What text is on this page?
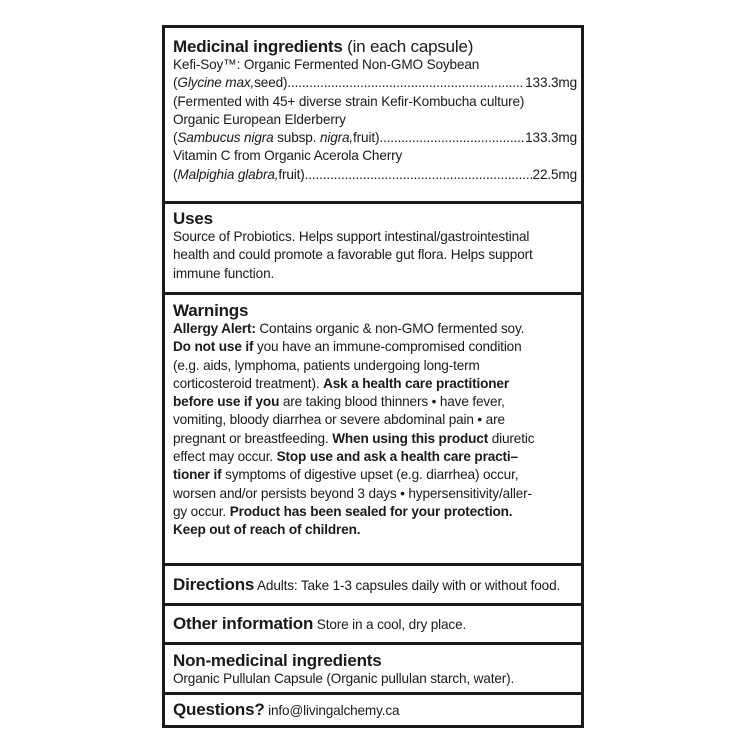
Medicinal ingredients (in each capsule)
Kefi-Soy™: Organic Fermented Non-GMO Soybean
( Glycine max, seed) .....	133.3mg
(Fermented with 45+ diverse strain Kefir-Kombucha culture)
Organic European Elderberry
( Sambucus nigra subsp. nigra, fruit) .....	133.3mg
Vitamin C from Organic Acerola Cherry
( Malpighia glabra, fruit) .....	22.5mg
Uses
Source of Probiotics. Helps support intestinal/gastrointestinal
health and could promote a favorable gut flora. Helps support
immune function.
Warnings
Allergy Alert: Contains organic & non-GMO fermented soy.
Do not use if you have an immune-compromised condition
(e.g. aids, lymphoma, patients undergoing long-term
corticosteroid treatment). Ask a health care practitioner
before use if you are taking blood thinners • have fever,
vomiting, bloody diarrhea or severe abdominal pain • are
pregnant or breastfeeding. When using this product diuretic
effect may occur. Stop use and ask a health care practi–
tioner if symptoms of digestive upset (e.g. diarrhea) occur,
worsen and/or persists beyond 3 days • hypersensitivity/aller-
gy occur. Product has been sealed for your protection.
Keep out of reach of children.
Directions Adults: Take 1-3 capsules daily with or without food.
Other information Store in a cool, dry place.
Non-medicinal ingredients
Organic Pullulan Capsule (Organic pullulan starch, water).
Questions? info@livingalchemy.ca
